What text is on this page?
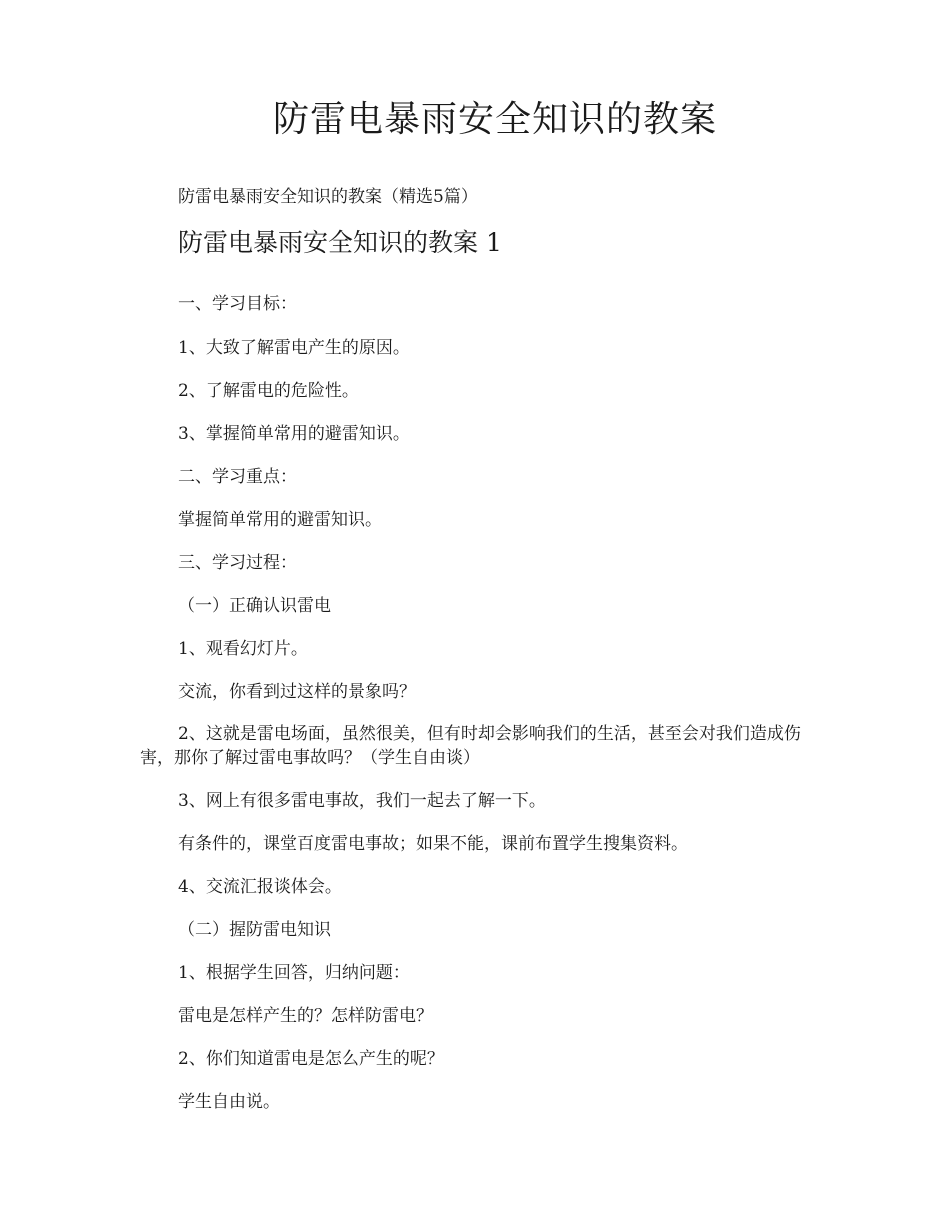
防雷电暴雨安全知识的教案

防雷电暴雨安全知识的教案（精选5篇）

防雷电暴雨安全知识的教案 1

一、学习目标：

1、大致了解雷电产生的原因。

2、了解雷电的危险性。

3、掌握简单常用的避雷知识。

二、学习重点：

掌握简单常用的避雷知识。

三、学习过程：

（一）正确认识雷电

1、观看幻灯片。

交流，你看到过这样的景象吗？

2、这就是雷电场面，虽然很美，但有时却会影响我们的生活，甚至会对我们造成伤害，那你了解过雷电事故吗？（学生自由谈）

3、网上有很多雷电事故，我们一起去了解一下。

有条件的，课堂百度雷电事故；如果不能，课前布置学生搜集资料。

4、交流汇报谈体会。

（二）握防雷电知识

1、根据学生回答，归纳问题：

雷电是怎样产生的？怎样防雷电？

2、你们知道雷电是怎么产生的呢？

学生自由说。
